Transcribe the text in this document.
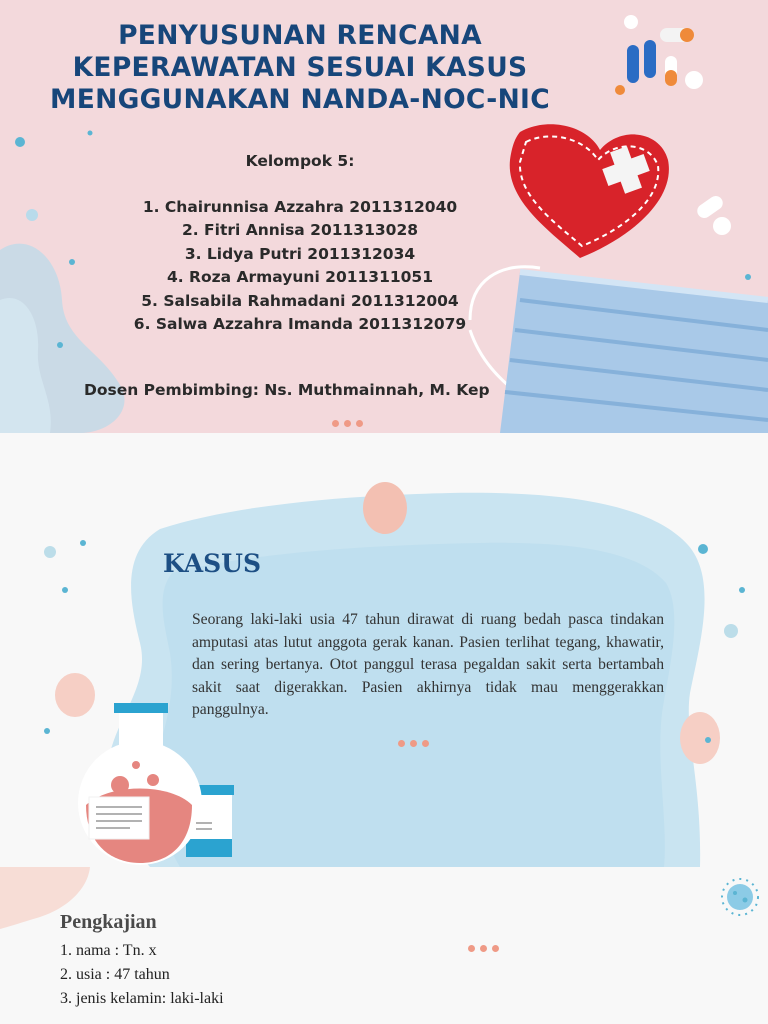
PENYUSUNAN RENCANA
KEPERAWATAN SESUAI KASUS
MENGGUNAKAN NANDA-NOC-NIC
Kelompok 5:
1. Chairunnisa Azzahra 2011312040
2. Fitri Annisa 2011313028
3. Lidya Putri 2011312034
4. Roza Armayuni 2011311051
5. Salsabila Rahmadani 2011312004
6. Salwa Azzahra Imanda 2011312079
Dosen Pembimbing: Ns. Muthmainnah, M. Kep
KASUS
Seorang laki-laki usia 47 tahun dirawat di ruang bedah pasca tindakan amputasi atas lutut anggota gerak kanan. Pasien terlihat tegang, khawatir, dan sering bertanya. Otot panggul terasa pegaldan sakit serta bertambah sakit saat digerakkan. Pasien akhirnya tidak mau menggerakkan panggulnya.
Pengkajian
1. nama : Tn. x
2. usia : 47 tahun
3. jenis kelamin: laki-laki
